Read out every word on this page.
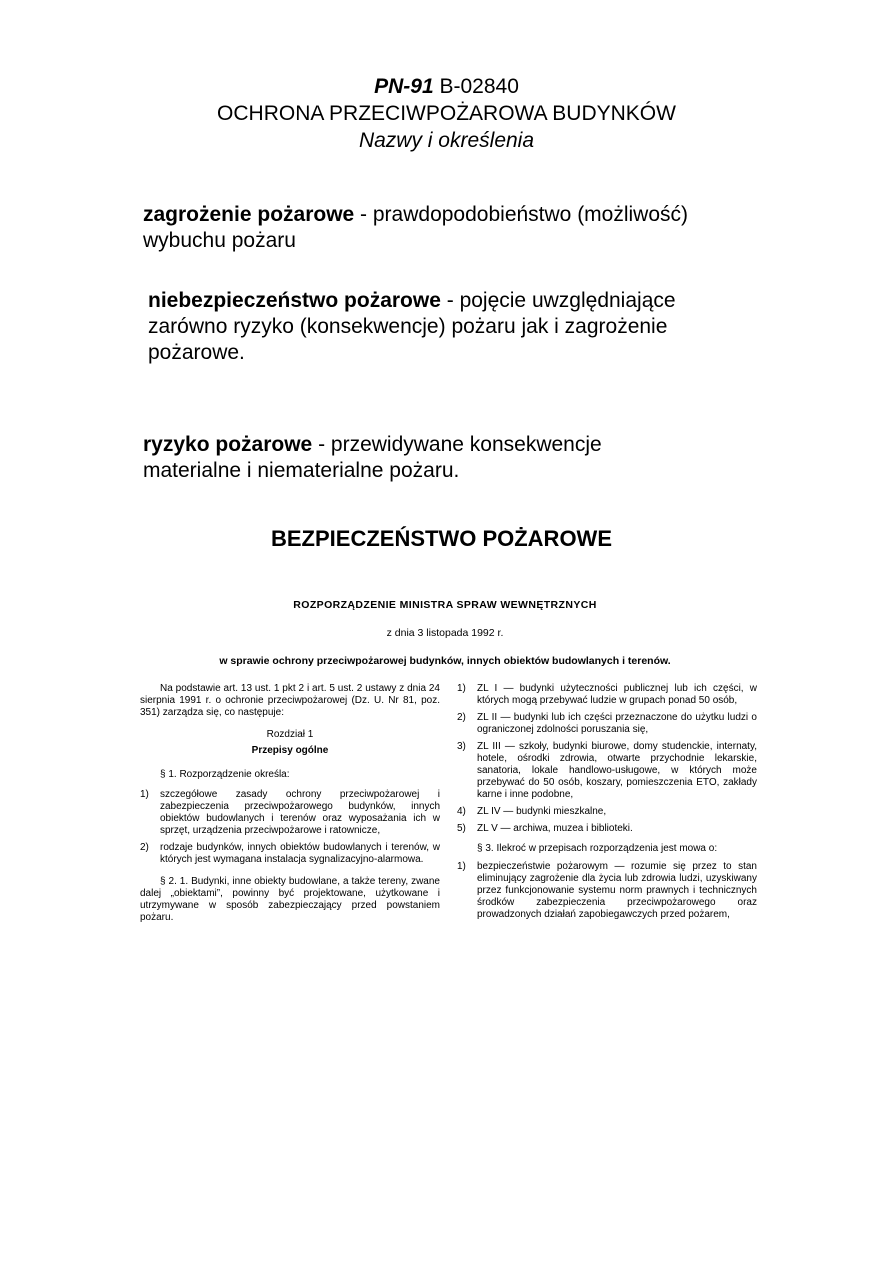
PN-91 B-02840
OCHRONA PRZECIWPOŻAROWA BUDYNKÓW
Nazwy i określenia
zagrożenie pożarowe - prawdopodobieństwo (możliwość) wybuchu pożaru
niebezpieczeństwo pożarowe - pojęcie uwzględniające zarówno ryzyko (konsekwencje) pożaru jak i zagrożenie pożarowe.
ryzyko pożarowe - przewidywane konsekwencje materialne i niematerialne pożaru.
BEZPIECZEŃSTWO POŻAROWE
ROZPORZĄDZENIE MINISTRA SPRAW WEWNĘTRZNYCH
z dnia 3 listopada 1992 r.
w sprawie ochrony przeciwpożarowej budynków, innych obiektów budowlanych i terenów.

Na podstawie art. 13 ust. 1 pkt 2 i art. 5 ust. 2 ustawy z dnia 24 sierpnia 1991 r. o ochronie przeciwpożarowej (Dz. U. Nr 81, poz. 351) zarządza się, co następuje:

Rozdział 1

Przepisy ogólne

§ 1. Rozporządzenie określa:

1)	szczegółowe zasady ochrony przeciwpożarowej i zabezpieczenia przeciwpożarowego budynków, innych obiektów budowlanych i terenów oraz wyposażania ich w sprzęt, urządzenia przeciwpożarowe i ratownicze,

2)	rodzaje budynków, innych obiektów budowlanych i terenów, w których jest wymagana instalacja sygnalizacyjno-alarmowa.

§ 2. 1. Budynki, inne obiekty budowlane, a także tereny, zwane dalej „obiektami”, powinny być projektowane, użytkowane i utrzymywane w sposób zabezpieczający przed powstaniem pożaru.

1)	ZL I — budynki użyteczności publicznej lub ich części, w których mogą przebywać ludzie w grupach ponad 50 osób,

2)	ZL II — budynki lub ich części przeznaczone do użytku ludzi o ograniczonej zdolności poruszania się,

3)	ZL III — szkoły, budynki biurowe, domy studenckie, internaty, hotele, ośrodki zdrowia, otwarte przychodnie lekarskie, sanatoria, lokale handlowo-usługowe, w których może przebywać do 50 osób, koszary, pomieszczenia ETO, zakłady karne i inne podobne,

4)	ZL IV — budynki mieszkalne,

5)	ZL V — archiwa, muzea i biblioteki.

§ 3. Ilekroć w przepisach rozporządzenia jest mowa o:

1)	bezpieczeństwie pożarowym — rozumie się przez to stan eliminujący zagrożenie dla życia lub zdrowia ludzi, uzyskiwany przez funkcjonowanie systemu norm prawnych i technicznych środków zabezpieczenia przeciwpożarowego oraz prowadzonych działań zapobiegawczych przed pożarem,
